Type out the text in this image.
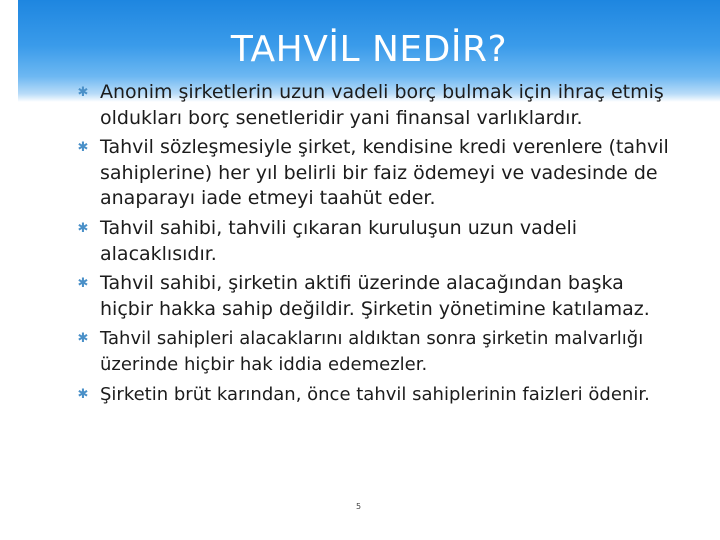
TAHVİL NEDİR?
✱ Anonim şirketlerin uzun vadeli borç bulmak için ihraç etmiş oldukları borç senetleridir yani finansal varlıklardır.
✱ Tahvil sözleşmesiyle şirket, kendisine kredi verenlere (tahvil sahiplerine) her yıl belirli bir faiz ödemeyi ve vadesinde de anaparayı iade etmeyi taahüt eder.
✱ Tahvil sahibi, tahvili çıkaran kuruluşun uzun vadeli alacaklısıdır.
✱ Tahvil sahibi, şirketin aktifi üzerinde alacağından başka hiçbir hakka sahip değildir. Şirketin yönetimine katılamaz.
✱ Tahvil sahipleri alacaklarını aldıktan sonra şirketin malvarlığı üzerinde hiçbir hak iddia edemezler.
✱ Şirketin brüt karından, önce tahvil sahiplerinin faizleri ödenir.
5
